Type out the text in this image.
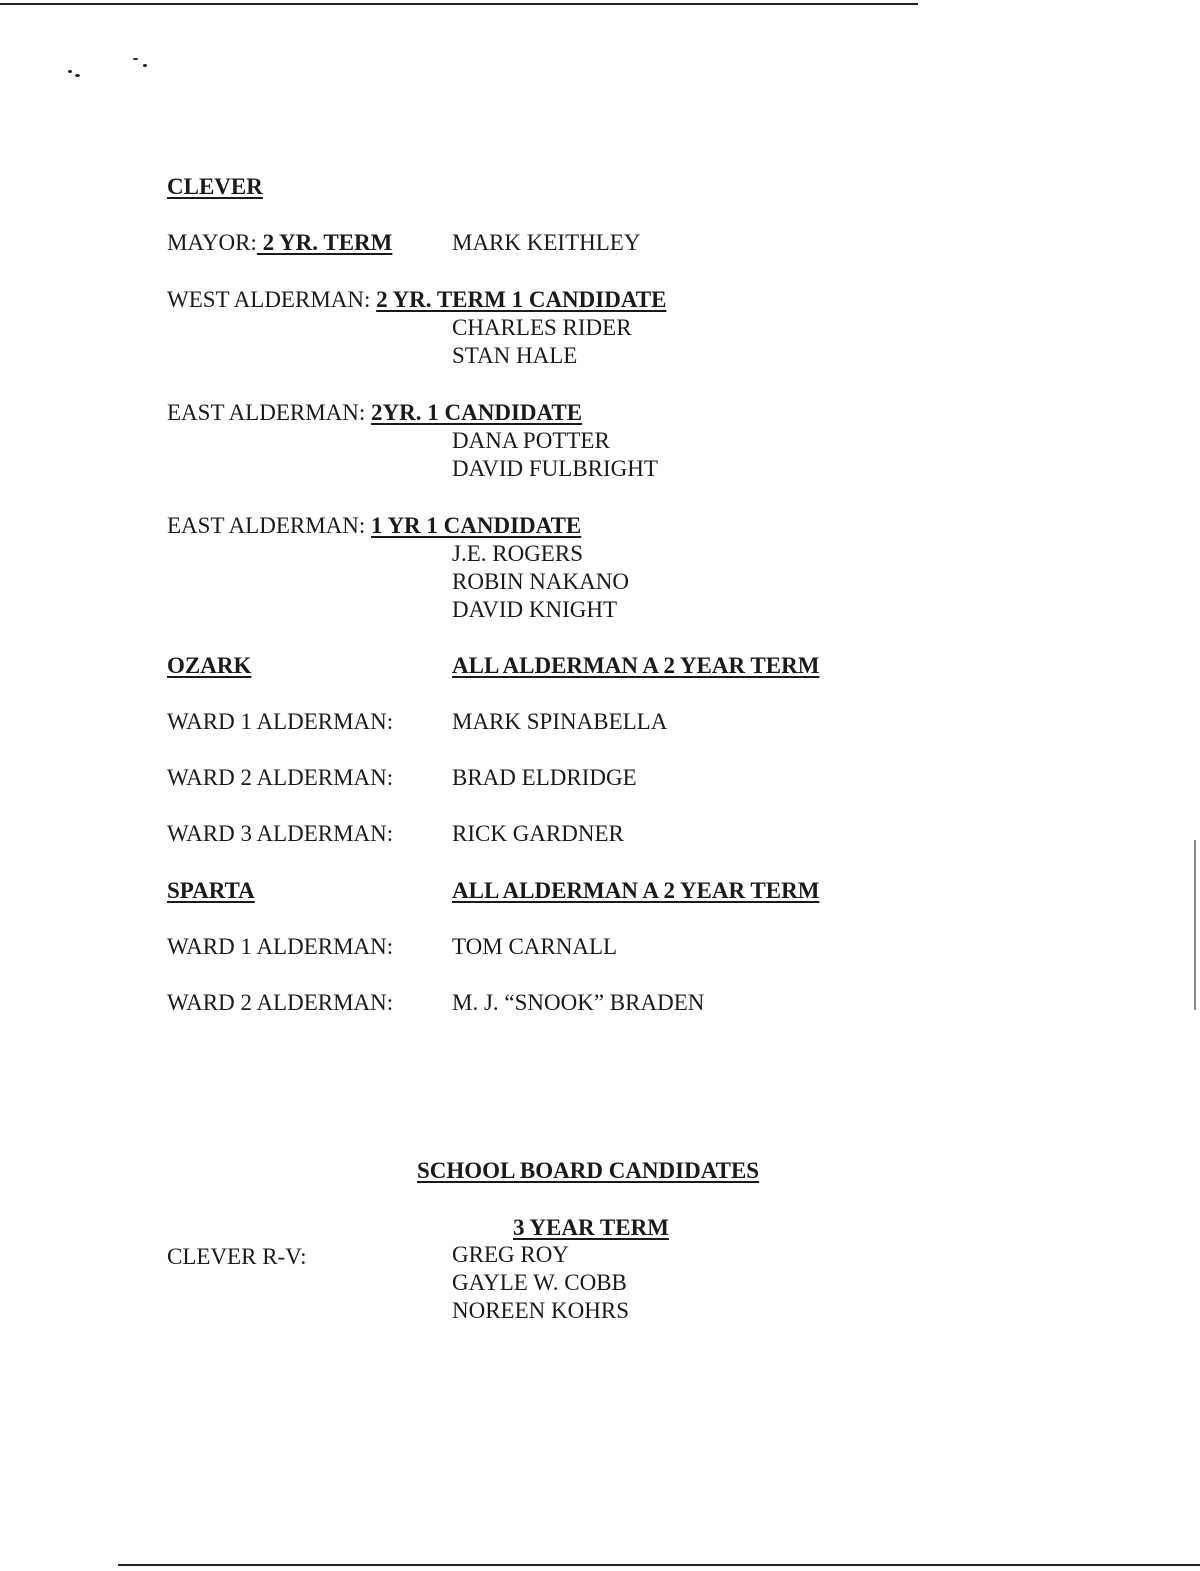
CLEVER
MAYOR: 2 YR. TERM	MARK KEITHLEY
WEST ALDERMAN: 2 YR. TERM 1 CANDIDATE
CHARLES RIDER
STAN HALE
EAST ALDERMAN: 2YR. 1 CANDIDATE
DANA POTTER
DAVID FULBRIGHT
EAST ALDERMAN: 1 YR 1 CANDIDATE
J.E. ROGERS
ROBIN NAKANO
DAVID KNIGHT
OZARK	ALL ALDERMAN A 2 YEAR TERM
WARD 1 ALDERMAN:	MARK SPINABELLA
WARD 2 ALDERMAN:	BRAD ELDRIDGE
WARD 3 ALDERMAN:	RICK GARDNER
SPARTA	ALL ALDERMAN A 2 YEAR TERM
WARD 1 ALDERMAN:	TOM CARNALL
WARD 2 ALDERMAN:	M. J. “SNOOK” BRADEN
SCHOOL BOARD CANDIDATES
3 YEAR TERM
CLEVER R-V:	GREG ROY
GAYLE W. COBB
NOREEN KOHRS
